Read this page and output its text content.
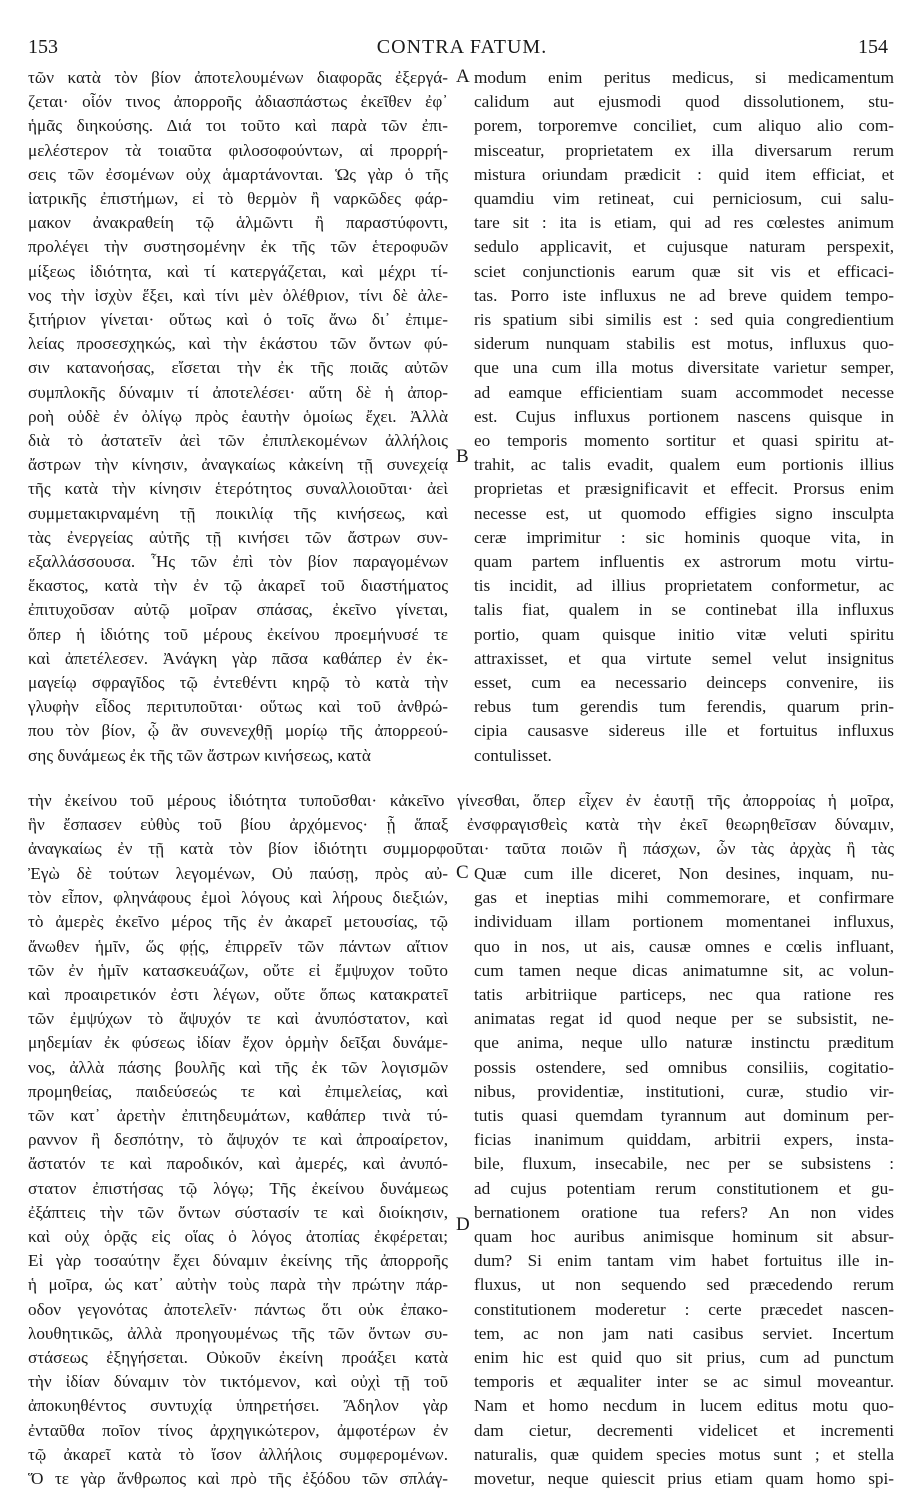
153	CONTRA FATUM.	154

τῶν κατὰ τὸν βίον ἀποτελουμένων διαφορᾶς ἐξεργά-

ζεται· οἷόν τινος ἀπορροῆς ἀδιασπάστως ἐκεῖθεν ἐφ᾽

ἡμᾶς διηκούσης. Διά τοι τοῦτο καὶ παρὰ τῶν ἐπι-

μελέστερον τὰ τοιαῦτα φιλοσοφούντων, αἱ προρρή-

σεις τῶν ἐσομένων οὐχ ἁμαρτάνονται. Ὡς γὰρ ὁ τῆς

ἰατρικῆς ἐπιστήμων, εἰ τὸ θερμὸν ἢ ναρκῶδες φάρ-

μακον ἀνακραθείη τῷ ἁλμῶντι ἢ παραστύφοντι,

προλέγει τὴν συστησομένην ἐκ τῆς τῶν ἑτεροφυῶν

μίξεως ἰδιότητα, καὶ τί κατεργάζεται, καὶ μέχρι τί-

νος τὴν ἰσχὺν ἕξει, καὶ τίνι μὲν ὀλέθριον, τίνι δὲ ἀλε-

ξιτήριον γίνεται· οὕτως καὶ ὁ τοῖς ἄνω δι᾽ ἐπιμε-

λείας προσεσχηκώς, καὶ τὴν ἑκάστου τῶν ὄντων φύ-

σιν κατανοήσας, εἴσεται τὴν ἐκ τῆς ποιᾶς αὐτῶν

συμπλοκῆς δύναμιν τί ἀποτελέσει· αὕτη δὲ ἡ ἀπορ-

ροὴ οὐδὲ ἐν ὀλίγῳ πρὸς ἑαυτὴν ὁμοίως ἔχει. Ἀλλὰ

διὰ τὸ ἀστατεῖν ἀεὶ τῶν ἐπιπλεκομένων ἀλλήλοις

ἄστρων τὴν κίνησιν, ἀναγκαίως κἀκείνη τῇ συνεχείᾳ

τῆς κατὰ τὴν κίνησιν ἑτερότητος συναλλοιοῦται· ἀεὶ

συμμετακιρναμένη τῇ ποικιλίᾳ τῆς κινήσεως, καὶ

τὰς ἐνεργείας αὐτῆς τῇ κινήσει τῶν ἄστρων συν-

εξαλλάσσουσα. Ἧς τῶν ἐπὶ τὸν βίον παραγομένων

ἕκαστος, κατὰ τὴν ἐν τῷ ἀκαρεῖ τοῦ διαστήματος

ἐπιτυχοῦσαν αὐτῷ μοῖραν σπάσας, ἐκεῖνο γίνεται,

ὅπερ ἡ ἰδιότης τοῦ μέρους ἐκείνου προεμήνυσέ τε

καὶ ἀπετέλεσεν. Ἀνάγκη γὰρ πᾶσα καθάπερ ἐν ἐκ-

μαγείῳ σφραγῖδος τῷ ἐντεθέντι κηρῷ τὸ κατὰ τὴν

γλυφὴν εἶδος περιτυποῦται· οὕτως καὶ τοῦ ἀνθρώ-

που τὸν βίον, ᾧ ἂν συνενεχθῇ μορίῳ τῆς ἀπορρεού-

σης δυνάμεως ἐκ τῆς τῶν ἄστρων κινήσεως, κατὰ

modum enim peritus medicus, si medicamentum

calidum aut ejusmodi quod dissolutionem, stu-

porem, torporemve conciliet, cum aliquo alio com-

misceatur, proprietatem ex illa diversarum rerum

mistura oriundam prædicit : quid item efficiat, et

quamdiu vim retineat, cui perniciosum, cui salu-

tare sit : ita is etiam, qui ad res cœlestes animum

sedulo applicavit, et cujusque naturam perspexit,

sciet conjunctionis earum quæ sit vis et efficaci-

tas. Porro iste influxus ne ad breve quidem tempo-

ris spatium sibi similis est : sed quia congredientium

siderum nunquam stabilis est motus, influxus quo-

que una cum illa motus diversitate varietur semper,

ad eamque efficientiam suam accommodet necesse

est. Cujus influxus portionem nascens quisque in

eo temporis momento sortitur et quasi spiritu at-

trahit, ac talis evadit, qualem eum portionis illius

proprietas et præsignificavit et effecit. Prorsus enim

necesse est, ut quomodo effigies signo insculpta

ceræ imprimitur : sic hominis quoque vita, in

quam partem influentis ex astrorum motu virtu-

tis incidit, ad illius proprietatem conformetur, ac

talis fiat, qualem in se continebat illa influxus

portio, quam quisque initio vitæ veluti spiritu

attraxisset, et qua virtute semel velut insignitus

esset, cum ea necessario deinceps convenire, iis

rebus tum gerendis tum ferendis, quarum prin-

cipia causasve sidereus ille et fortuitus influxus

contulisset.

τὴν ἐκείνου τοῦ μέρους ἰδιότητα τυποῦσθαι· κἀκεῖνο γίνεσθαι, ὅπερ εἶχεν ἐν ἑαυτῇ τῆς ἀπορροίας ἡ μοῖρα,

ἣν ἔσπασεν εὐθὺς τοῦ βίου ἀρχόμενος· ᾗ ἅπαξ ἐνσφραγισθεὶς κατὰ τὴν ἐκεῖ θεωρηθεῖσαν δύναμιν,

ἀναγκαίως ἐν τῇ κατὰ τὸν βίον ἰδιότητι συμμορφοῦται· ταῦτα ποιῶν ἢ πάσχων, ὧν τὰς ἀρχὰς ἢ τὰς

Ἐγὼ δὲ τούτων λεγομένων, Οὐ παύσῃ, πρὸς αὐ-

τὸν εἶπον, φληνάφους ἐμοὶ λόγους καὶ λήρους διεξιών,

τὸ ἀμερὲς ἐκεῖνο μέρος τῆς ἐν ἀκαρεῖ μετουσίας, τῷ

ἄνωθεν ἡμῖν, ὥς φῄς, ἐπιρρεῖν τῶν πάντων αἴτιον

τῶν ἐν ἡμῖν κατασκευάζων, οὔτε εἰ ἔμψυχον τοῦτο

καὶ προαιρετικόν ἐστι λέγων, οὔτε ὅπως κατακρατεῖ

τῶν ἐμψύχων τὸ ἄψυχόν τε καὶ ἀνυπόστατον, καὶ

μηδεμίαν ἐκ φύσεως ἰδίαν ἔχον ὁρμὴν δεῖξαι δυνάμε-

νος, ἀλλὰ πάσης βουλῆς καὶ τῆς ἐκ τῶν λογισμῶν

προμηθείας, παιδεύσεώς τε καὶ ἐπιμελείας, καὶ

τῶν κατ᾽ ἀρετὴν ἐπιτηδευμάτων, καθάπερ τινὰ τύ-

ραννον ἢ δεσπότην, τὸ ἄψυχόν τε καὶ ἀπροαίρετον,

ἄστατόν τε καὶ παροδικόν, καὶ ἀμερές, καὶ ἀνυπό-

στατον ἐπιστήσας τῷ λόγῳ; Τῆς ἐκείνου δυνάμεως

ἐξάπτεις τὴν τῶν ὄντων σύστασίν τε καὶ διοίκησιν,

καὶ οὐχ ὁρᾷς εἰς οἵας ὁ λόγος ἀτοπίας ἐκφέρεται;

Εἰ γὰρ τοσαύτην ἔχει δύναμιν ἐκείνης τῆς ἀπορροῆς

ἡ μοῖρα, ὡς κατ᾽ αὐτὴν τοὺς παρὰ τὴν πρώτην πάρ-

οδον γεγονότας ἀποτελεῖν· πάντως ὅτι οὐκ ἐπακο-

λουθητικῶς, ἀλλὰ προηγουμένως τῆς τῶν ὄντων συ-

στάσεως ἐξηγήσεται. Οὐκοῦν ἐκείνη προάξει κατὰ

τὴν ἰδίαν δύναμιν τὸν τικτόμενον, καὶ οὐχὶ τῇ τοῦ

ἀποκυηθέντος συντυχίᾳ ὑπηρετήσει. Ἄδηλον γὰρ

ἐνταῦθα ποῖον τίνος ἀρχηγικώτερον, ἀμφοτέρων ἐν

τῷ ἀκαρεῖ κατὰ τὸ ἴσον ἀλλήλοις συμφερομένων.

Ὅ τε γὰρ ἄνθρωπος καὶ πρὸ τῆς ἐξόδου τῶν σπλάγ-

Quæ cum ille diceret, Non desines, inquam, nu-

gas et ineptias mihi commemorare, et confirmare

individuam illam portionem momentanei influxus,

quo in nos, ut ais, causæ omnes e cœlis influant,

cum tamen neque dicas animatumne sit, ac volun-

tatis arbitriique particeps, nec qua ratione res

animatas regat id quod neque per se subsistit, ne-

que anima, neque ullo naturæ instinctu præditum

possis ostendere, sed omnibus consiliis, cogitatio-

nibus, providentiæ, institutioni, curæ, studio vir-

tutis quasi quemdam tyrannum aut dominum per-

ficias inanimum quiddam, arbitrii expers, insta-

bile, fluxum, insecabile, nec per se subsistens :

ad cujus potentiam rerum constitutionem et gu-

bernationem oratione tua refers? An non vides

quam hoc auribus animisque hominum sit absur-

dum? Si enim tantam vim habet fortuitus ille in-

fluxus, ut non sequendo sed præcedendo rerum

constitutionem moderetur : certe præcedet nascen-

tem, ac non jam nati casibus serviet. Incertum

enim hic est quid quo sit prius, cum ad punctum

temporis et æqualiter inter se ac simul moveantur.

Nam et homo necdum in lucem editus motu quo-

dam cietur, decrementi videlicet et incrementi

naturalis, quæ quidem species motus sunt ; et stella

movetur, neque quiescit prius etiam quam homo spi-

A
B
C
D
